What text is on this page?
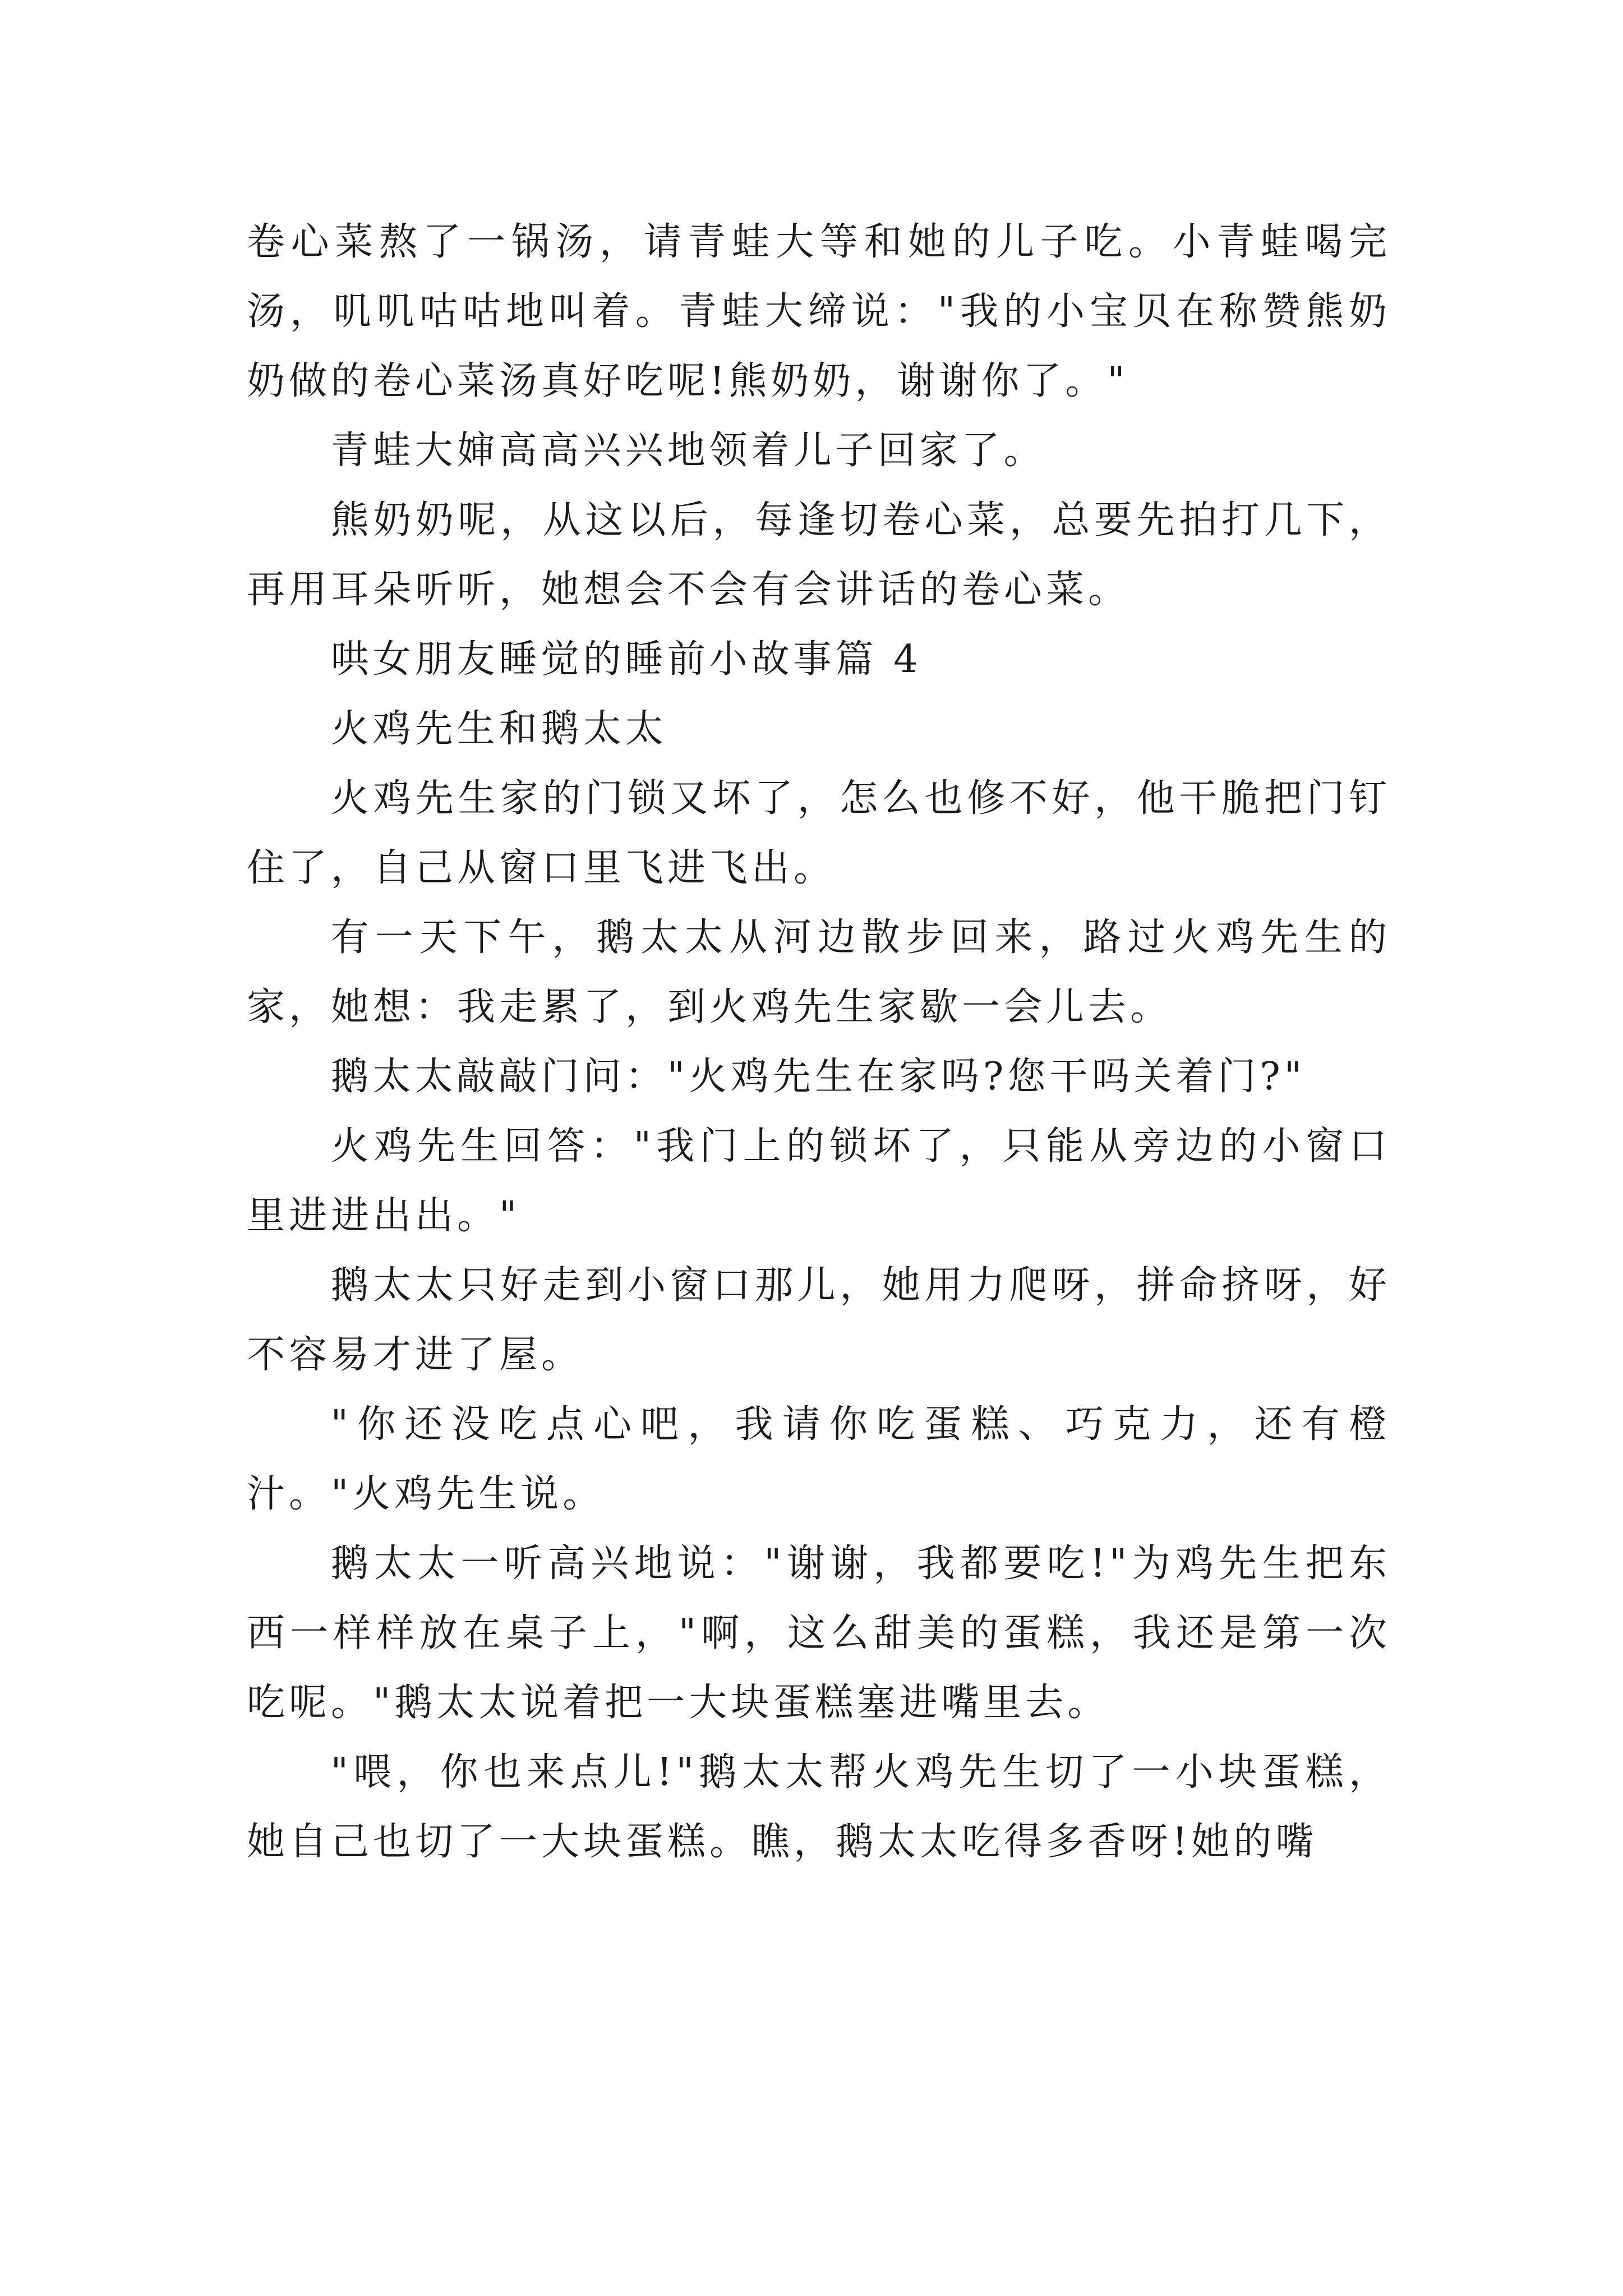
卷心菜熬了一锅汤，请青蛙大等和她的儿子吃。小青蛙喝完汤，叽叽咕咕地叫着。青蛙大缔说："我的小宝贝在称赞熊奶奶做的卷心菜汤真好吃呢!熊奶奶，谢谢你了。"

青蛙大婶高高兴兴地领着儿子回家了。

熊奶奶呢，从这以后，每逢切卷心菜，总要先拍打几下，再用耳朵听听，她想会不会有会讲话的卷心菜。

哄女朋友睡觉的睡前小故事篇 4

火鸡先生和鹅太太

火鸡先生家的门锁又坏了，怎么也修不好，他干脆把门钉住了，自己从窗口里飞进飞出。

有一天下午，鹅太太从河边散步回来，路过火鸡先生的家，她想：我走累了，到火鸡先生家歇一会儿去。

鹅太太敲敲门问："火鸡先生在家吗?您干吗关着门?"

火鸡先生回答："我门上的锁坏了，只能从旁边的小窗口里进进出出。"

鹅太太只好走到小窗口那儿，她用力爬呀，拼命挤呀，好不容易才进了屋。

"你还没吃点心吧，我请你吃蛋糕、巧克力，还有橙汁。"火鸡先生说。

鹅太太一听高兴地说："谢谢，我都要吃!"为鸡先生把东西一样样放在桌子上，"啊，这么甜美的蛋糕，我还是第一次吃呢。"鹅太太说着把一大块蛋糕塞进嘴里去。

"喂，你也来点儿!"鹅太太帮火鸡先生切了一小块蛋糕，她自己也切了一大块蛋糕。瞧，鹅太太吃得多香呀!她的嘴
